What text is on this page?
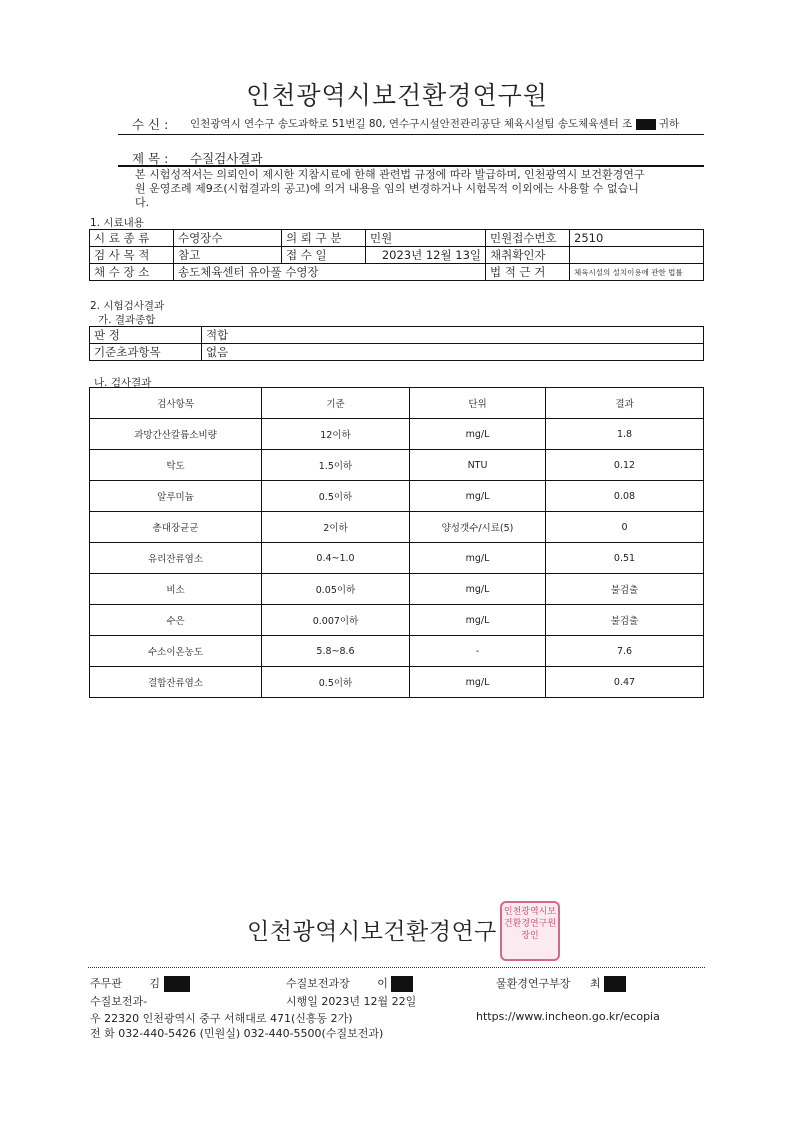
인천광역시보건환경연구원
수 신 : 인천광역시 연수구 송도과학로 51번길 80, 연수구시설안전관리공단 체육시설팀 송도체육센터 조	귀하
제 목 : 수질검사결과
본 시험성적서는 의뢰인이 제시한 지참시료에 한해 관련법 규정에 따라 발급하며, 인천광역시 보건환경연구
원 운영조례 제9조(시험결과의 공고)에 의거 내용을 임의 변경하거나 시험목적 이외에는 사용할 수 없습니
다.
1. 시료내용
시 료 종 류	수영장수	의 뢰 구 분	민원	민원접수번호	2510
검 사 목 적	참고	접 수 일	2023년 12월 13일	채취확인자	
채 수 장 소	송도체육센터 유아풀 수영장			법 적 근 거	체육시설의 설치이용에 관한 법률
2. 시험검사결과
가. 결과종합
판 정	적합
기준초과항목	없음
나. 검사결과
검사항목	기준	단위	결과
과망간산칼륨소비량	12이하	mg/L	1.8
탁도	1.5이하	NTU	0.12
알루미늄	0.5이하	mg/L	0.08
총대장균군	2이하	양성갯수/시료(5)	0
유리잔류염소	0.4~1.0	mg/L	0.51
비소	0.05이하	mg/L	불검출
수은	0.007이하	mg/L	불검출
수소이온농도	5.8~8.6	-	7.6
결합잔류염소	0.5이하	mg/L	0.47
인천광역시보건환경연구
인천광역시보건환경연구원장인
주무관	김	수질보전과장	이	물환경연구부장 최
수질보전과-	시행일 2023년 12월 22일
우 22320 인천광역시 중구 서해대로 471(신흥동 2가)	https://www.incheon.go.kr/ecopia
전 화 032-440-5426 (민원실) 032-440-5500(수질보전과)
